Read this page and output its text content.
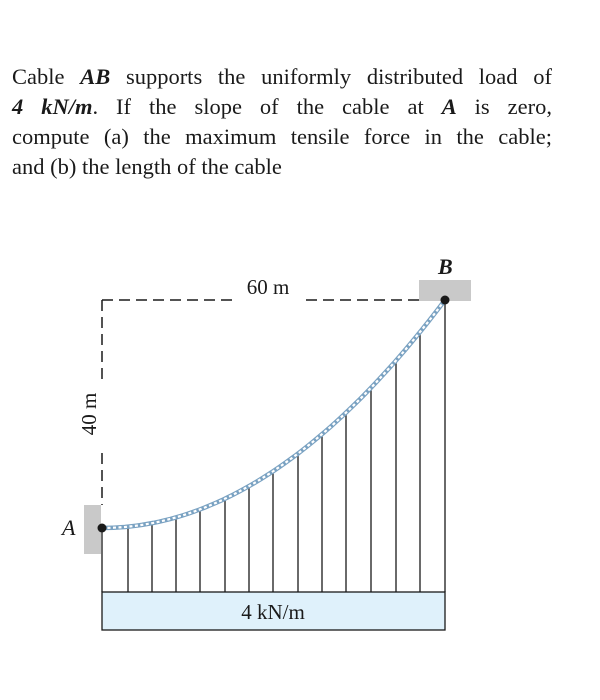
Cable AB supports the uniformly distributed load of
4 kN/m. If the slope of the cable at A is zero,
compute (a) the maximum tensile force in the cable;
and (b) the length of the cable
60 m
40 m
A
B
4 kN/m
